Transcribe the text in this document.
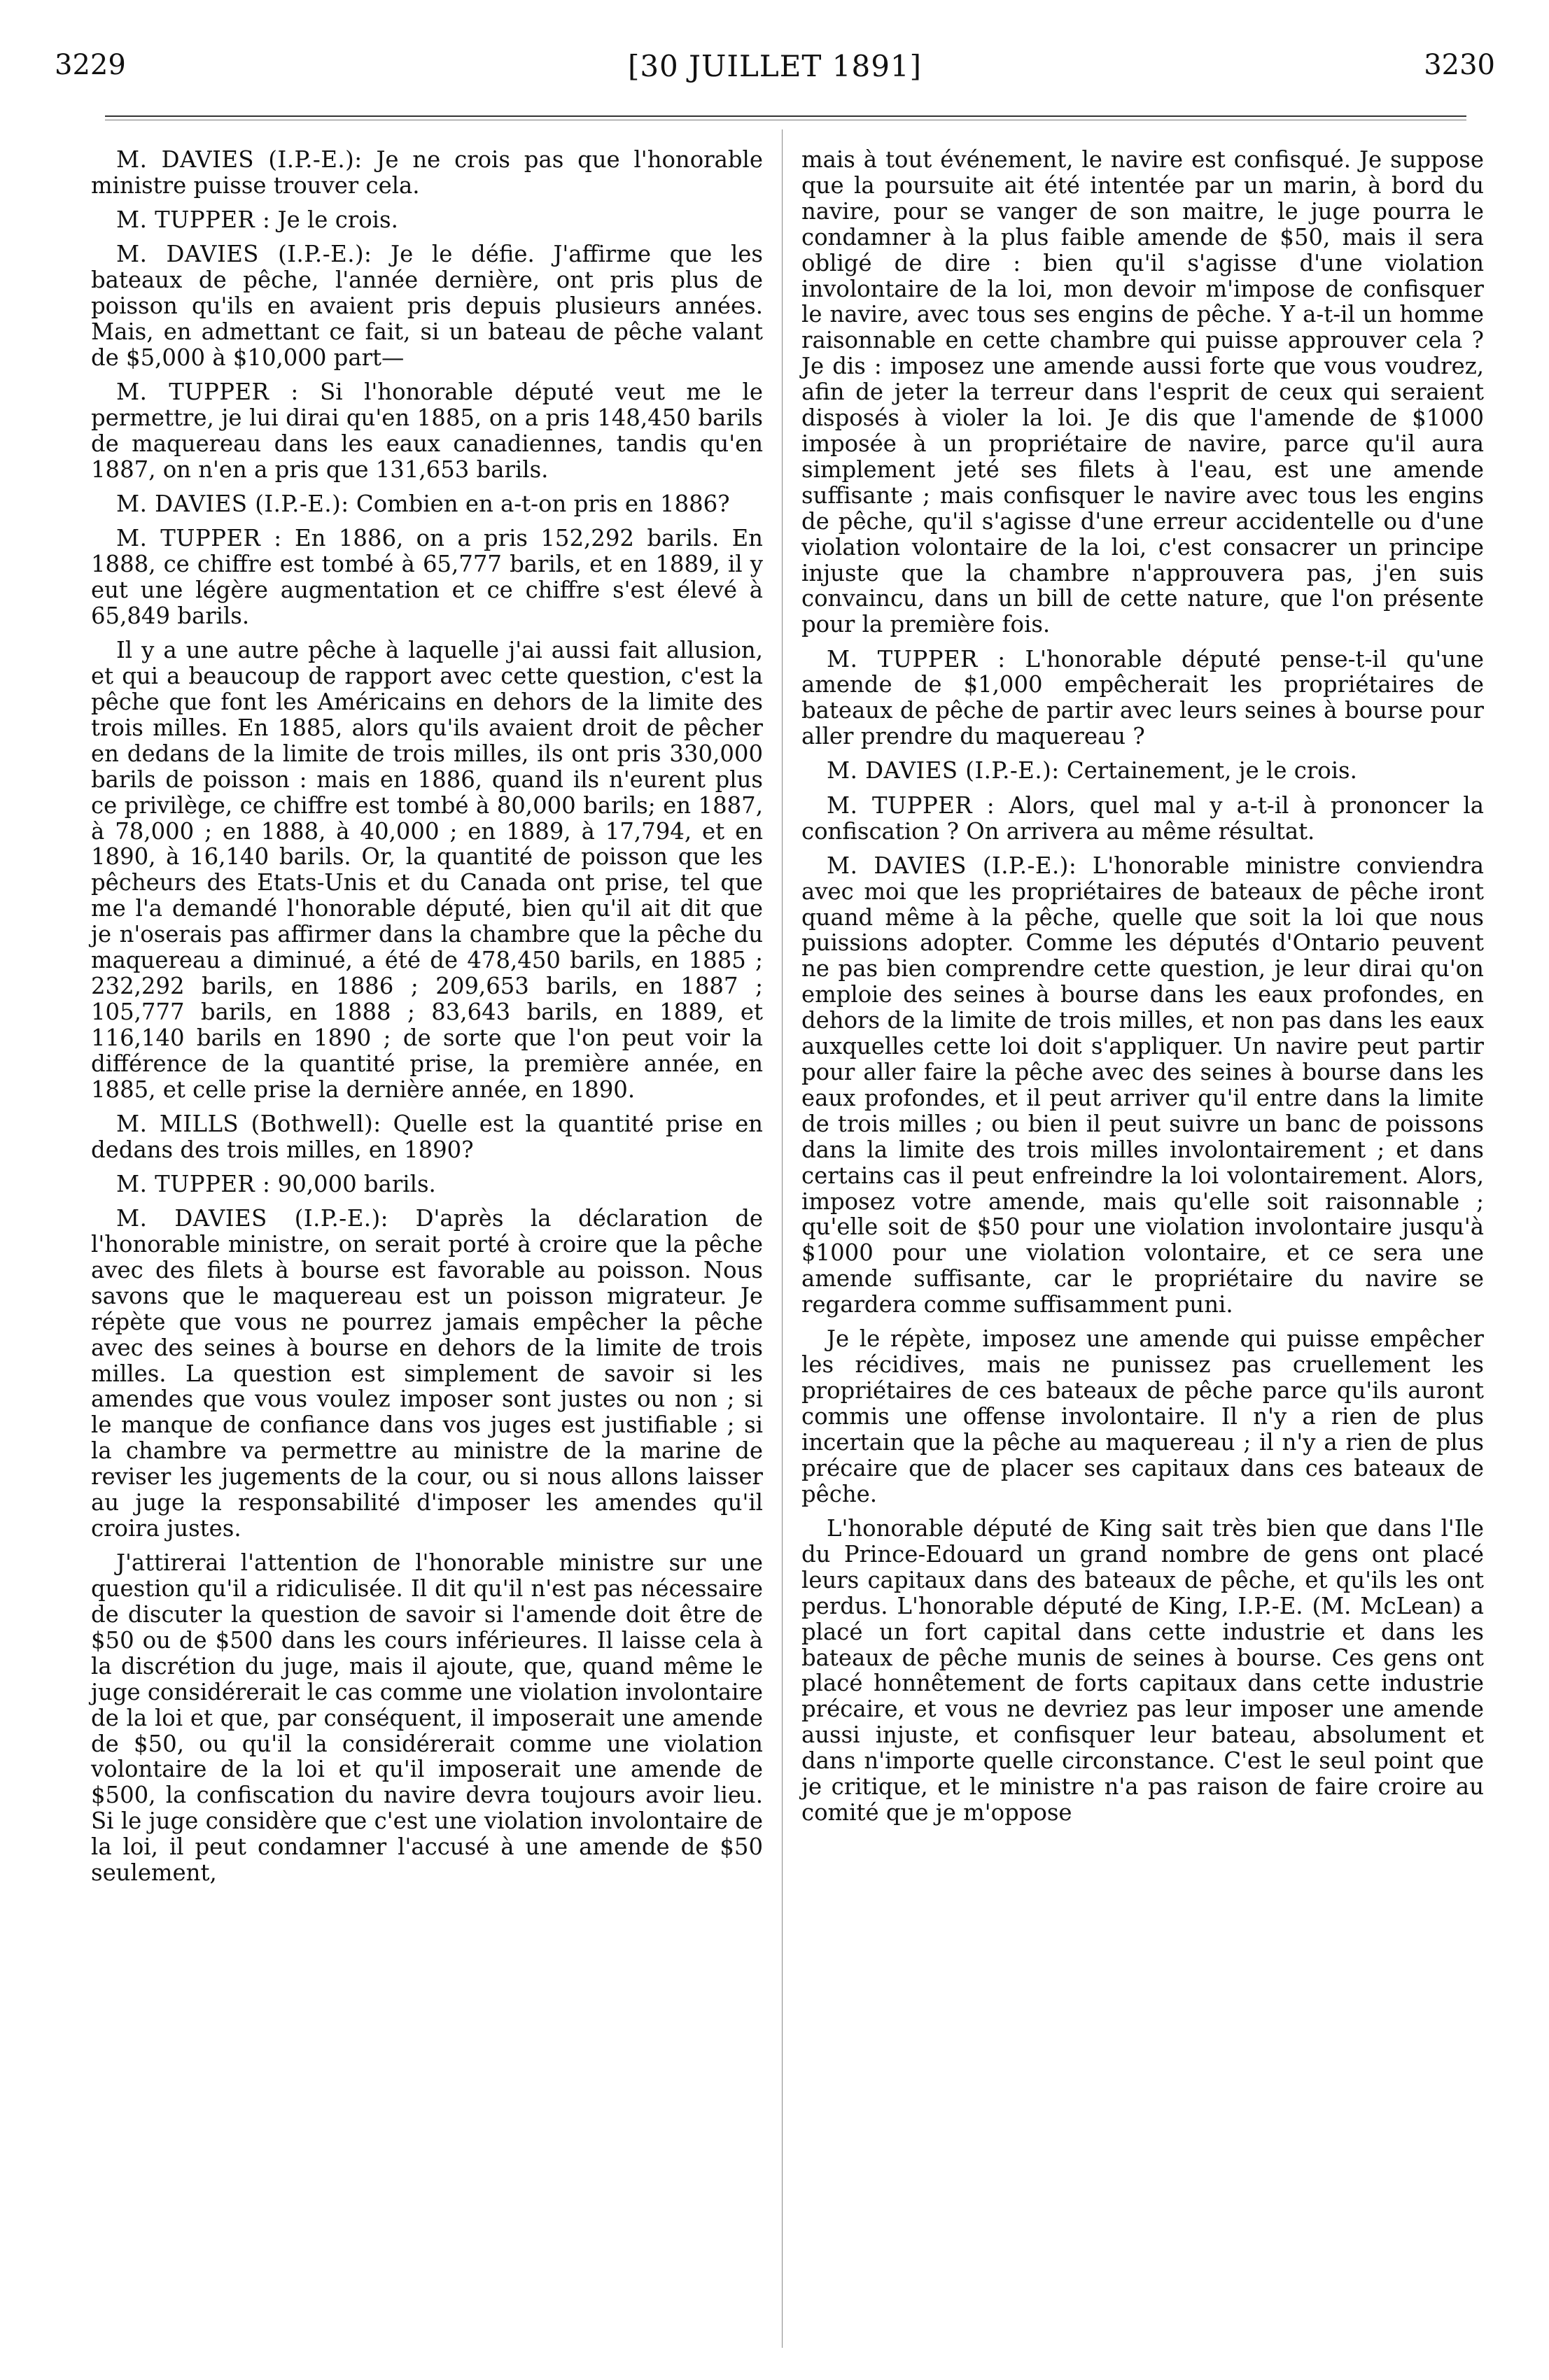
3229	[30 JUILLET 1891]	3230

M. DAVIES (I.P.-E.): Je ne crois pas que l'honorable ministre puisse trouver cela.

M. TUPPER : Je le crois.

M. DAVIES (I.P.-E.): Je le défie. J'affirme que les bateaux de pêche, l'année dernière, ont pris plus de poisson qu'ils en avaient pris depuis plusieurs années. Mais, en admettant ce fait, si un bateau de pêche valant de $5,000 à $10,000 part—

M. TUPPER : Si l'honorable député veut me le permettre, je lui dirai qu'en 1885, on a pris 148,450 barils de maquereau dans les eaux canadiennes, tandis qu'en 1887, on n'en a pris que 131,653 barils.

M. DAVIES (I.P.-E.): Combien en a-t-on pris en 1886?

M. TUPPER : En 1886, on a pris 152,292 barils. En 1888, ce chiffre est tombé à 65,777 barils, et en 1889, il y eut une légère augmentation et ce chiffre s'est élevé à 65,849 barils.

Il y a une autre pêche à laquelle j'ai aussi fait allusion, et qui a beaucoup de rapport avec cette question, c'est la pêche que font les Américains en dehors de la limite des trois milles. En 1885, alors qu'ils avaient droit de pêcher en dedans de la limite de trois milles, ils ont pris 330,000 barils de poisson : mais en 1886, quand ils n'eurent plus ce privilège, ce chiffre est tombé à 80,000 barils; en 1887, à 78,000 ; en 1888, à 40,000 ; en 1889, à 17,794, et en 1890, à 16,140 barils. Or, la quantité de poisson que les pêcheurs des Etats-Unis et du Canada ont prise, tel que me l'a demandé l'honorable député, bien qu'il ait dit que je n'oserais pas affirmer dans la chambre que la pêche du maquereau a diminué, a été de 478,450 barils, en 1885 ; 232,292 barils, en 1886 ; 209,653 barils, en 1887 ; 105,777 barils, en 1888 ; 83,643 barils, en 1889, et 116,140 barils en 1890 ; de sorte que l'on peut voir la différence de la quantité prise, la première année, en 1885, et celle prise la dernière année, en 1890.

M. MILLS (Bothwell): Quelle est la quantité prise en dedans des trois milles, en 1890?

M. TUPPER : 90,000 barils.

M. DAVIES (I.P.-E.): D'après la déclaration de l'honorable ministre, on serait porté à croire que la pêche avec des filets à bourse est favorable au poisson. Nous savons que le maquereau est un poisson migrateur. Je répète que vous ne pourrez jamais empêcher la pêche avec des seines à bourse en dehors de la limite de trois milles. La question est simplement de savoir si les amendes que vous voulez imposer sont justes ou non ; si le manque de confiance dans vos juges est justifiable ; si la chambre va permettre au ministre de la marine de reviser les jugements de la cour, ou si nous allons laisser au juge la responsabilité d'imposer les amendes qu'il croira justes.

J'attirerai l'attention de l'honorable ministre sur une question qu'il a ridiculisée. Il dit qu'il n'est pas nécessaire de discuter la question de savoir si l'amende doit être de $50 ou de $500 dans les cours inférieures. Il laisse cela à la discrétion du juge, mais il ajoute, que, quand même le juge considérerait le cas comme une violation involontaire de la loi et que, par conséquent, il imposerait une amende de $50, ou qu'il la considérerait comme une violation volontaire de la loi et qu'il imposerait une amende de $500, la confiscation du navire devra toujours avoir lieu. Si le juge considère que c'est une violation involontaire de la loi, il peut condamner l'accusé à une amende de $50 seulement,

mais à tout événement, le navire est confisqué. Je suppose que la poursuite ait été intentée par un marin, à bord du navire, pour se vanger de son maitre, le juge pourra le condamner à la plus faible amende de $50, mais il sera obligé de dire : bien qu'il s'agisse d'une violation involontaire de la loi, mon devoir m'impose de confisquer le navire, avec tous ses engins de pêche. Y a-t-il un homme raisonnable en cette chambre qui puisse approuver cela ? Je dis : imposez une amende aussi forte que vous voudrez, afin de jeter la terreur dans l'esprit de ceux qui seraient disposés à violer la loi. Je dis que l'amende de $1000 imposée à un propriétaire de navire, parce qu'il aura simplement jeté ses filets à l'eau, est une amende suffisante ; mais confisquer le navire avec tous les engins de pêche, qu'il s'agisse d'une erreur accidentelle ou d'une violation volontaire de la loi, c'est consacrer un principe injuste que la chambre n'approuvera pas, j'en suis convaincu, dans un bill de cette nature, que l'on présente pour la première fois.

M. TUPPER : L'honorable député pense-t-il qu'une amende de $1,000 empêcherait les propriétaires de bateaux de pêche de partir avec leurs seines à bourse pour aller prendre du maquereau ?

M. DAVIES (I.P.-E.): Certainement, je le crois.

M. TUPPER : Alors, quel mal y a-t-il à prononcer la confiscation ? On arrivera au même résultat.

M. DAVIES (I.P.-E.): L'honorable ministre conviendra avec moi que les propriétaires de bateaux de pêche iront quand même à la pêche, quelle que soit la loi que nous puissions adopter. Comme les députés d'Ontario peuvent ne pas bien comprendre cette question, je leur dirai qu'on emploie des seines à bourse dans les eaux profondes, en dehors de la limite de trois milles, et non pas dans les eaux auxquelles cette loi doit s'appliquer. Un navire peut partir pour aller faire la pêche avec des seines à bourse dans les eaux profondes, et il peut arriver qu'il entre dans la limite de trois milles ; ou bien il peut suivre un banc de poissons dans la limite des trois milles involontairement ; et dans certains cas il peut enfreindre la loi volontairement. Alors, imposez votre amende, mais qu'elle soit raisonnable ; qu'elle soit de $50 pour une violation involontaire jusqu'à $1000 pour une violation volontaire, et ce sera une amende suffisante, car le propriétaire du navire se regardera comme suffisamment puni.

Je le répète, imposez une amende qui puisse empêcher les récidives, mais ne punissez pas cruellement les propriétaires de ces bateaux de pêche parce qu'ils auront commis une offense involontaire. Il n'y a rien de plus incertain que la pêche au maquereau ; il n'y a rien de plus précaire que de placer ses capitaux dans ces bateaux de pêche.

L'honorable député de King sait très bien que dans l'Ile du Prince-Edouard un grand nombre de gens ont placé leurs capitaux dans des bateaux de pêche, et qu'ils les ont perdus. L'honorable député de King, I.P.-E. (M. McLean) a placé un fort capital dans cette industrie et dans les bateaux de pêche munis de seines à bourse. Ces gens ont placé honnêtement de forts capitaux dans cette industrie précaire, et vous ne devriez pas leur imposer une amende aussi injuste, et confisquer leur bateau, absolument et dans n'importe quelle circonstance. C'est le seul point que je critique, et le ministre n'a pas raison de faire croire au comité que je m'oppose
